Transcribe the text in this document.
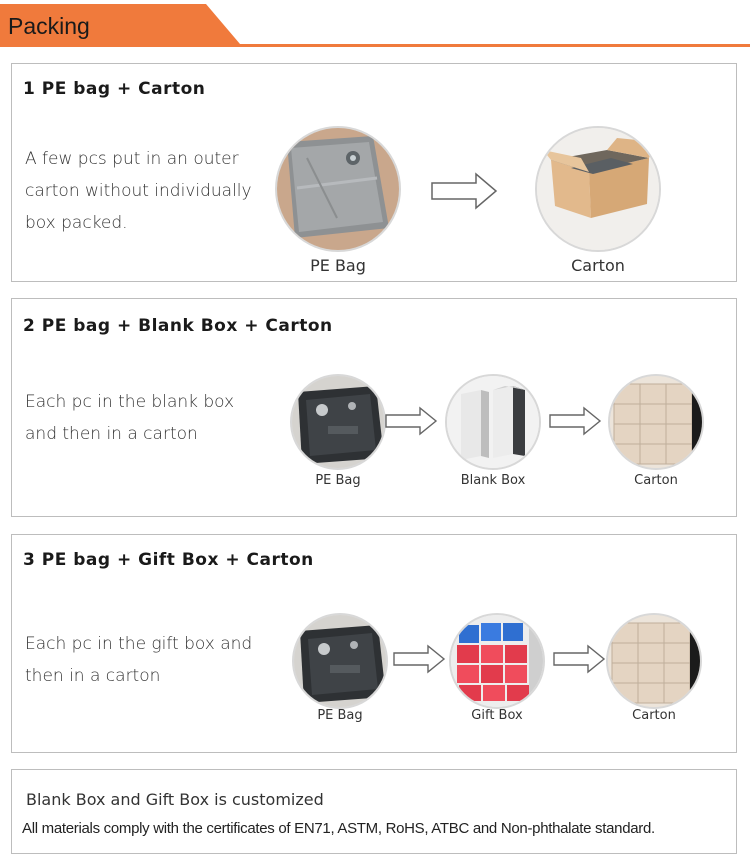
Packing
1 PE bag + Carton
A few pcs put in an outer
carton without individually
box packed.
PE Bag	Carton
2 PE bag + Blank Box + Carton
Each pc in the blank box
and then in a carton
PE Bag	Blank Box	Carton
3 PE bag + Gift Box + Carton
Each pc in the gift box and
then in a carton
PE Bag	Gift Box	Carton
Blank Box and Gift Box is customized
All materials comply with the certificates of EN71, ASTM, RoHS, ATBC and Non-phthalate standard.
